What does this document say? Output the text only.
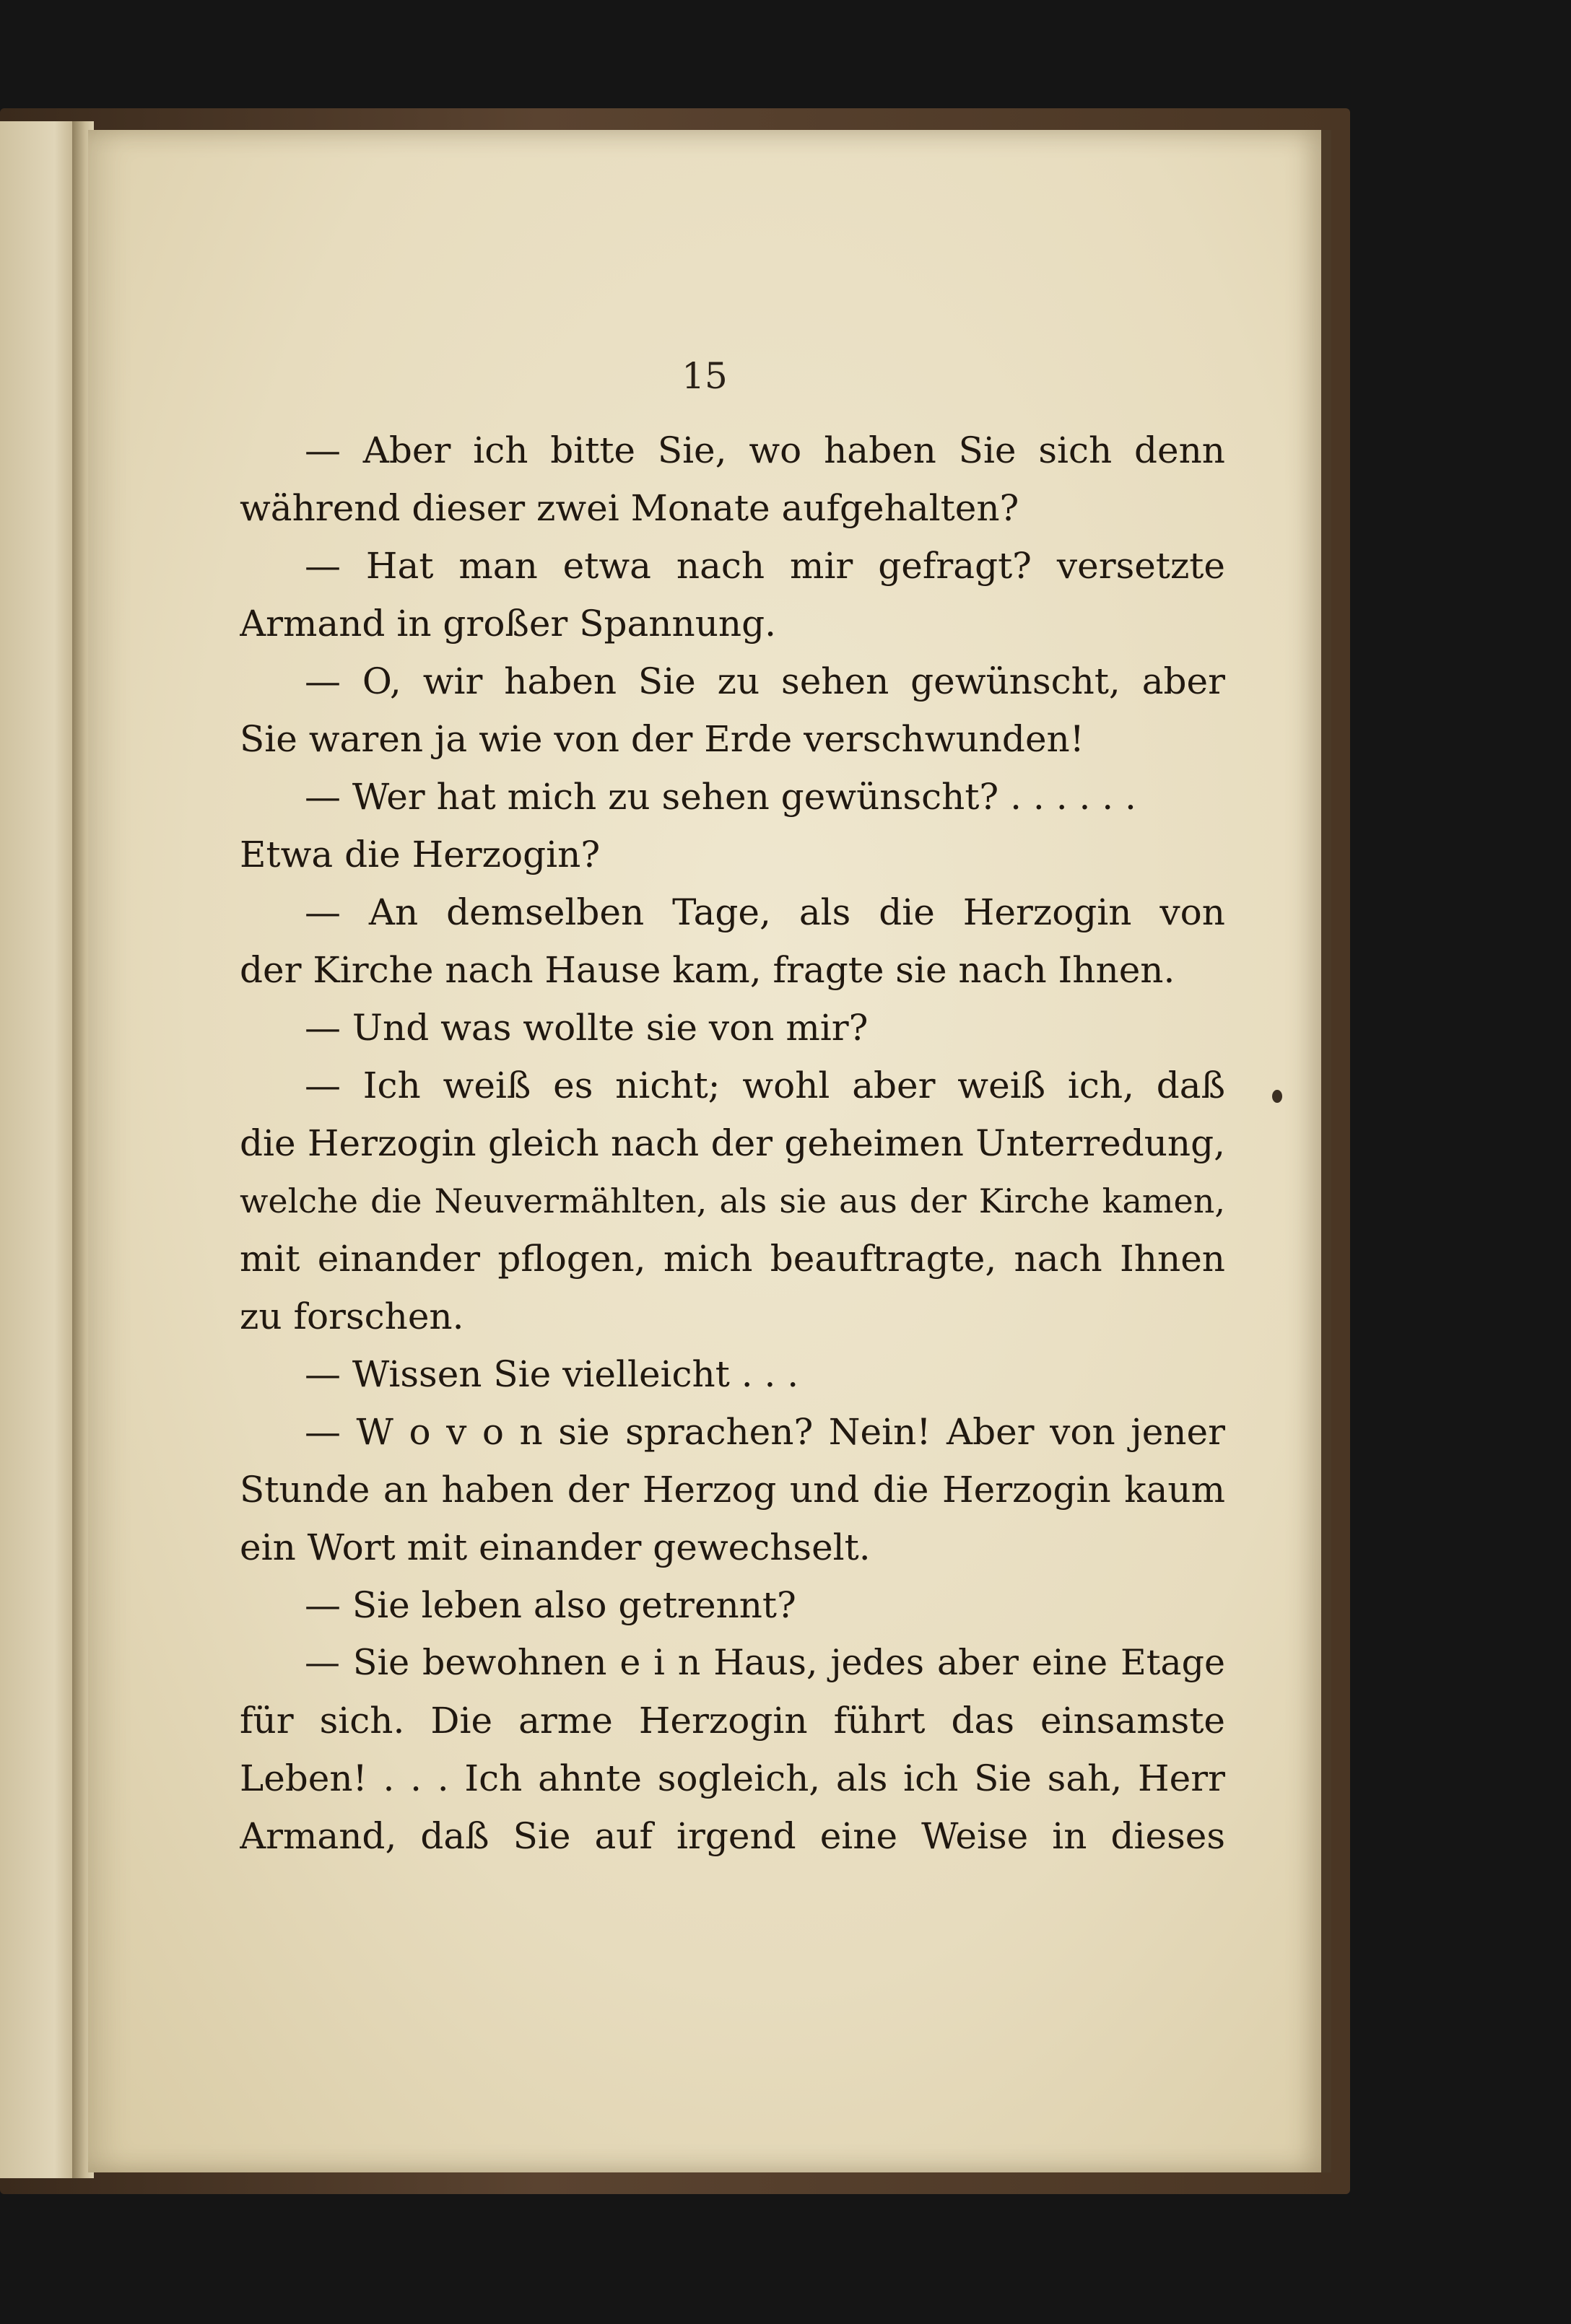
15
— Aber ich bitte Sie, wo haben Sie sich denn
während dieser zwei Monate aufgehalten?
— Hat man etwa nach mir gefragt? versetzte
Armand in großer Spannung.
— O, wir haben Sie zu sehen gewünscht, aber
Sie waren ja wie von der Erde verschwunden!
— Wer hat mich zu sehen gewünscht? . . . . . .
Etwa die Herzogin?
— An demselben Tage, als die Herzogin von
der Kirche nach Hause kam, fragte sie nach Ihnen.
— Und was wollte sie von mir?
— Ich weiß es nicht; wohl aber weiß ich, daß
die Herzogin gleich nach der geheimen Unterredung,
welche die Neuvermählten, als sie aus der Kirche kamen,
mit einander pflogen, mich beauftragte, nach Ihnen
zu forschen.
— Wissen Sie vielleicht . . .
— W o v o n sie sprachen? Nein! Aber von jener
Stunde an haben der Herzog und die Herzogin kaum
ein Wort mit einander gewechselt.
— Sie leben also getrennt?
— Sie bewohnen e i n Haus, jedes aber eine Etage
für sich. Die arme Herzogin führt das einsamste
Leben! . . . Ich ahnte sogleich, als ich Sie sah, Herr
Armand, daß Sie auf irgend eine Weise in dieses
